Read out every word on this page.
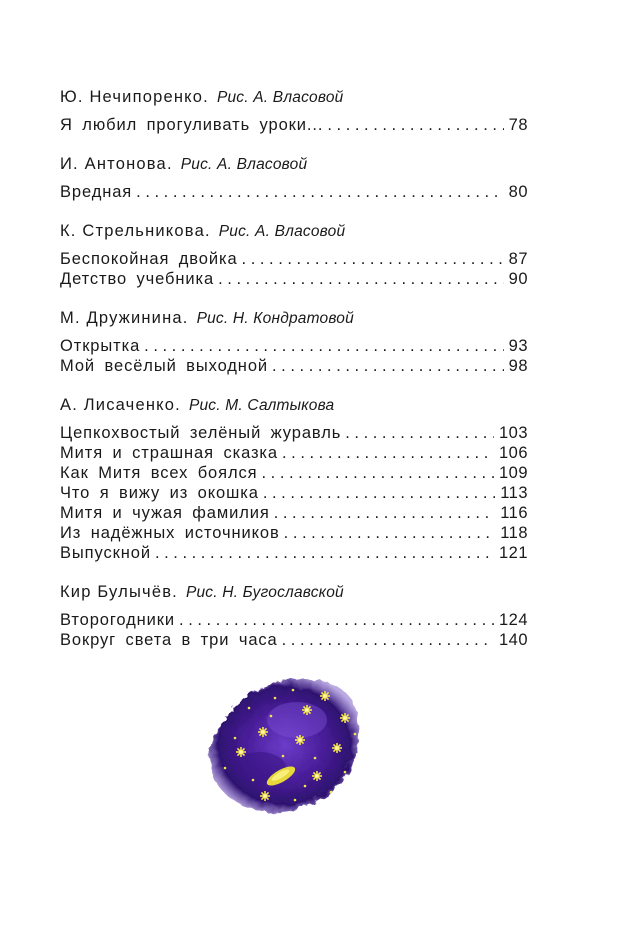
Ю. Нечипоренко. Рис. А. Власовой
Я любил прогуливать уроки... . . .	78
И. Антонова. Рис. А. Власовой
Вредная . . .	80
К. Стрельникова. Рис. А. Власовой
Беспокойная двойка . . .	87
Детство учебника . . .	90
М. Дружинина. Рис. Н. Кондратовой
Открытка . . .	93
Мой весёлый выходной . . .	98
А. Лисаченко. Рис. М. Салтыкова
Цепкохвостый зелёный журавль . . .	103
Митя и страшная сказка . . .	106
Как Митя всех боялся . . .	109
Что я вижу из окошка . . .	113
Митя и чужая фамилия . . .	116
Из надёжных источников . . .	118
Выпускной . . .	121
Кир Булычёв. Рис. Н. Бугославской
Второгодники . . .	124
Вокруг света в три часа . . .	140
